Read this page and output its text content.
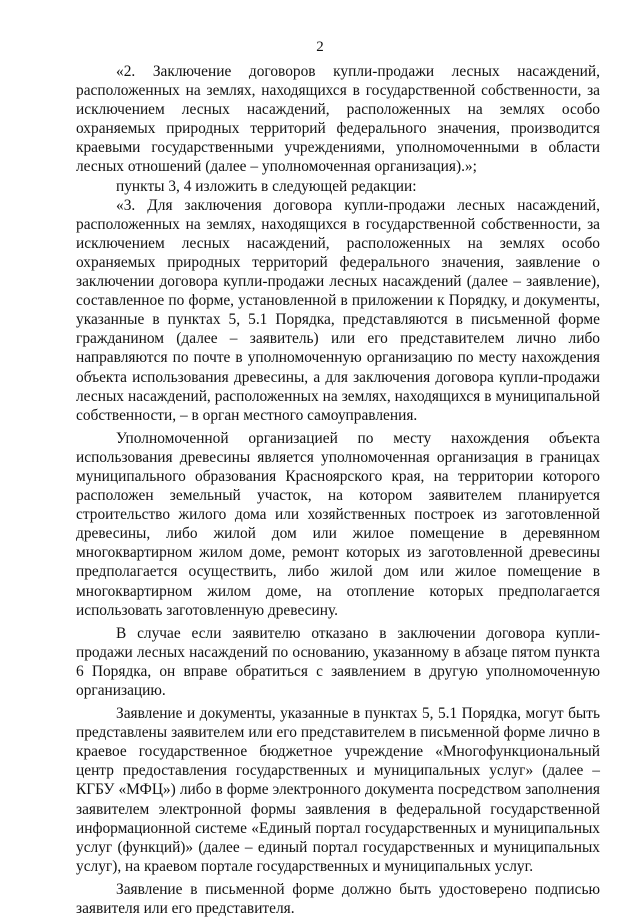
2

«2. Заключение договоров купли-продажи лесных насаждений, расположенных на землях, находящихся в государственной собственности, за исключением лесных насаждений, расположенных на землях особо охраняемых природных территорий федерального значения, производится краевыми государственными учреждениями, уполномоченными в области лесных отношений (далее – уполномоченная организация).»;

пункты 3, 4 изложить в следующей редакции:

«3. Для заключения договора купли-продажи лесных насаждений, расположенных на землях, находящихся в государственной собственности, за исключением лесных насаждений, расположенных на землях особо охраняемых природных территорий федерального значения, заявление о заключении договора купли-продажи лесных насаждений (далее – заявление), составленное по форме, установленной в приложении к Порядку, и документы, указанные в пунктах 5, 5.1 Порядка, представляются в письменной форме гражданином (далее – заявитель) или его представителем лично либо направляются по почте в уполномоченную организацию по месту нахождения объекта использования древесины, а для заключения договора купли-продажи лесных насаждений, расположенных на землях, находящихся в муниципальной собственности, – в орган местного самоуправления.

Уполномоченной организацией по месту нахождения объекта использования древесины является уполномоченная организация в границах муниципального образования Красноярского края, на территории которого расположен земельный участок, на котором заявителем планируется строительство жилого дома или хозяйственных построек из заготовленной древесины, либо жилой дом или жилое помещение в деревянном многоквартирном жилом доме, ремонт которых из заготовленной древесины предполагается осуществить, либо жилой дом или жилое помещение в многоквартирном жилом доме, на отопление которых предполагается использовать заготовленную древесину.

В случае если заявителю отказано в заключении договора купли-продажи лесных насаждений по основанию, указанному в абзаце пятом пункта 6 Порядка, он вправе обратиться с заявлением в другую уполномоченную организацию.

Заявление и документы, указанные в пунктах 5, 5.1 Порядка, могут быть представлены заявителем или его представителем в письменной форме лично в краевое государственное бюджетное учреждение «Многофункциональный центр предоставления государственных и муниципальных услуг» (далее – КГБУ «МФЦ») либо в форме электронного документа посредством заполнения заявителем электронной формы заявления в федеральной государственной информационной системе «Единый портал государственных и муниципальных услуг (функций)» (далее – единый портал государственных и муниципальных услуг), на краевом портале государственных и муниципальных услуг.

Заявление в письменной форме должно быть удостоверено подписью заявителя или его представителя.
